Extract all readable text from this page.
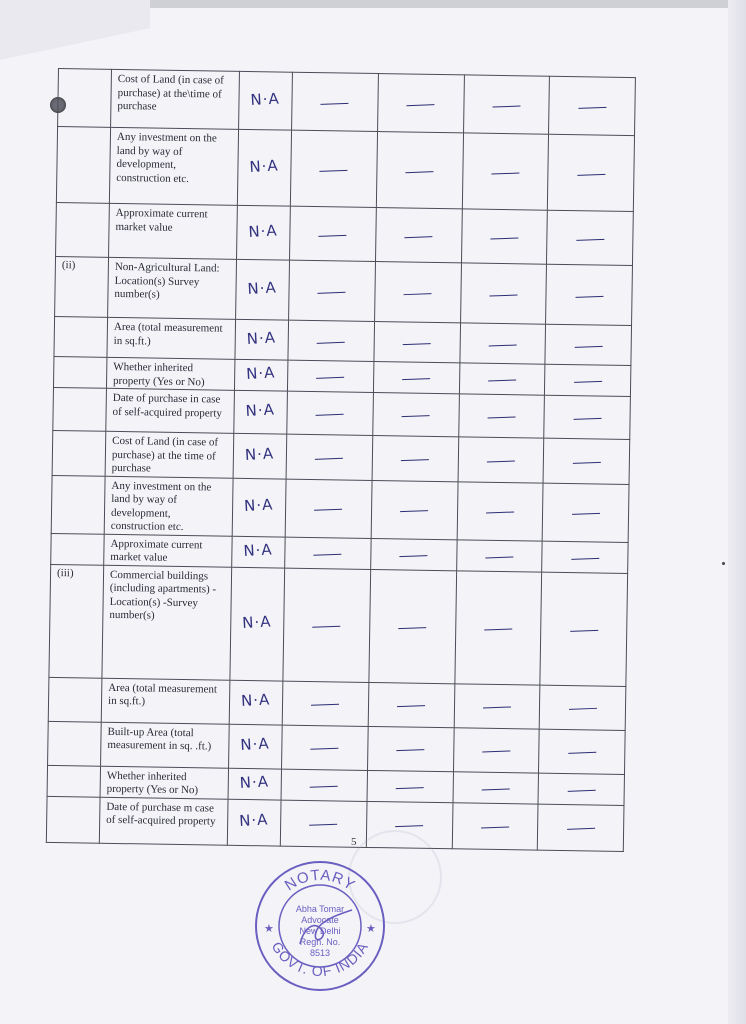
	Cost of Land (in case of purchase) at the\time of purchase	N·A				
	Any investment on the land by way of development, construction etc.	N·A				
	Approximate current market value	N·A				
(ii)	Non-Agricultural Land: Location(s) Survey number(s)	N·A				
	Area (total measurement in sq.ft.)	N·A				
	Whether inherited property (Yes or No)	N·A				
	Date of purchase in case of self-acquired property	N·A				
	Cost of Land (in case of purchase) at the time of purchase	N·A				
	Any investment on the land by way of development, construction etc.	N·A				
	Approximate current market value	N·A				
(iii)	Commercial buildings (including apartments) -Location(s) -Survey number(s)	N·A				
	Area (total measurement in sq.ft.)	N·A				
	Built-up Area (total measurement in sq. .ft.)	N·A				
	Whether inherited property (Yes or No)	N·A				
	Date of purchase m case of self-acquired property	N·A				
5
NOTARY
GOVT. OF INDIA
★	★
Abha Tomar
Advocate
New Delhi
Regn. No.
8513
